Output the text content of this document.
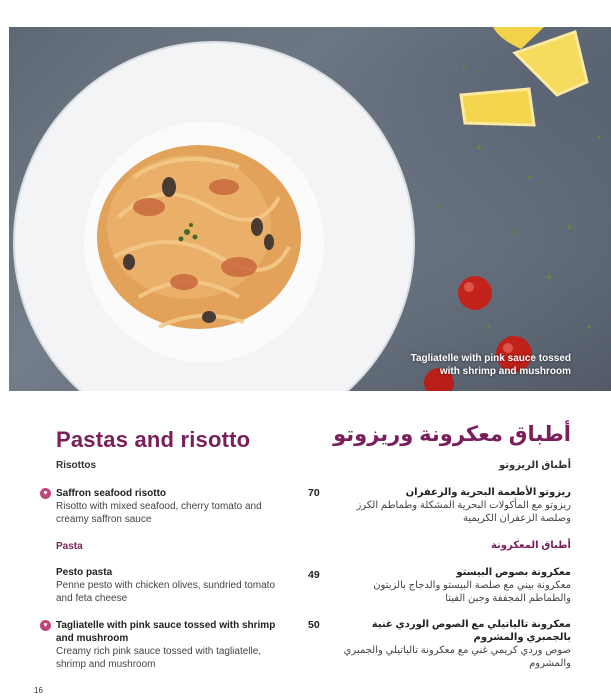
Tagliatelle with pink sauce tossed with shrimp and mushroom
Pastas and risotto
Risottos
Saffron seafood risotto
Risotto with mixed seafood, cherry tomato and creamy saffron sauce
♥	70
Pasta
Pesto pasta
Penne pesto with chicken olives, sundried tomato and feta cheese
49
Tagliatelle with pink sauce tossed with shrimp and mushroom
Creamy rich pink sauce tossed with tagliatelle, shrimp and mushroom
♥	50
أطباق معكرونة وريزوتو
أطباق الريزوتو
ريزوتو الأطعمة البحرية والزعفران
ريزوتو مع المأكولات البحرية المشكلة وطماطم الكرز وصلصة الزعفران الكريمية
أطباق المعكرونة
معكرونة بصوص البيستو
معكرونة بيني مع صلصة البيستو والدجاج بالزيتون والطماطم المجففة وجبن الفيتا
معكرونة تالياتيلي مع الصوص الوردي غنية بالجمبري والمشروم
صوص وردي كريمي غني مع معكرونة تالياتيلي والجمبري والمشروم
16
